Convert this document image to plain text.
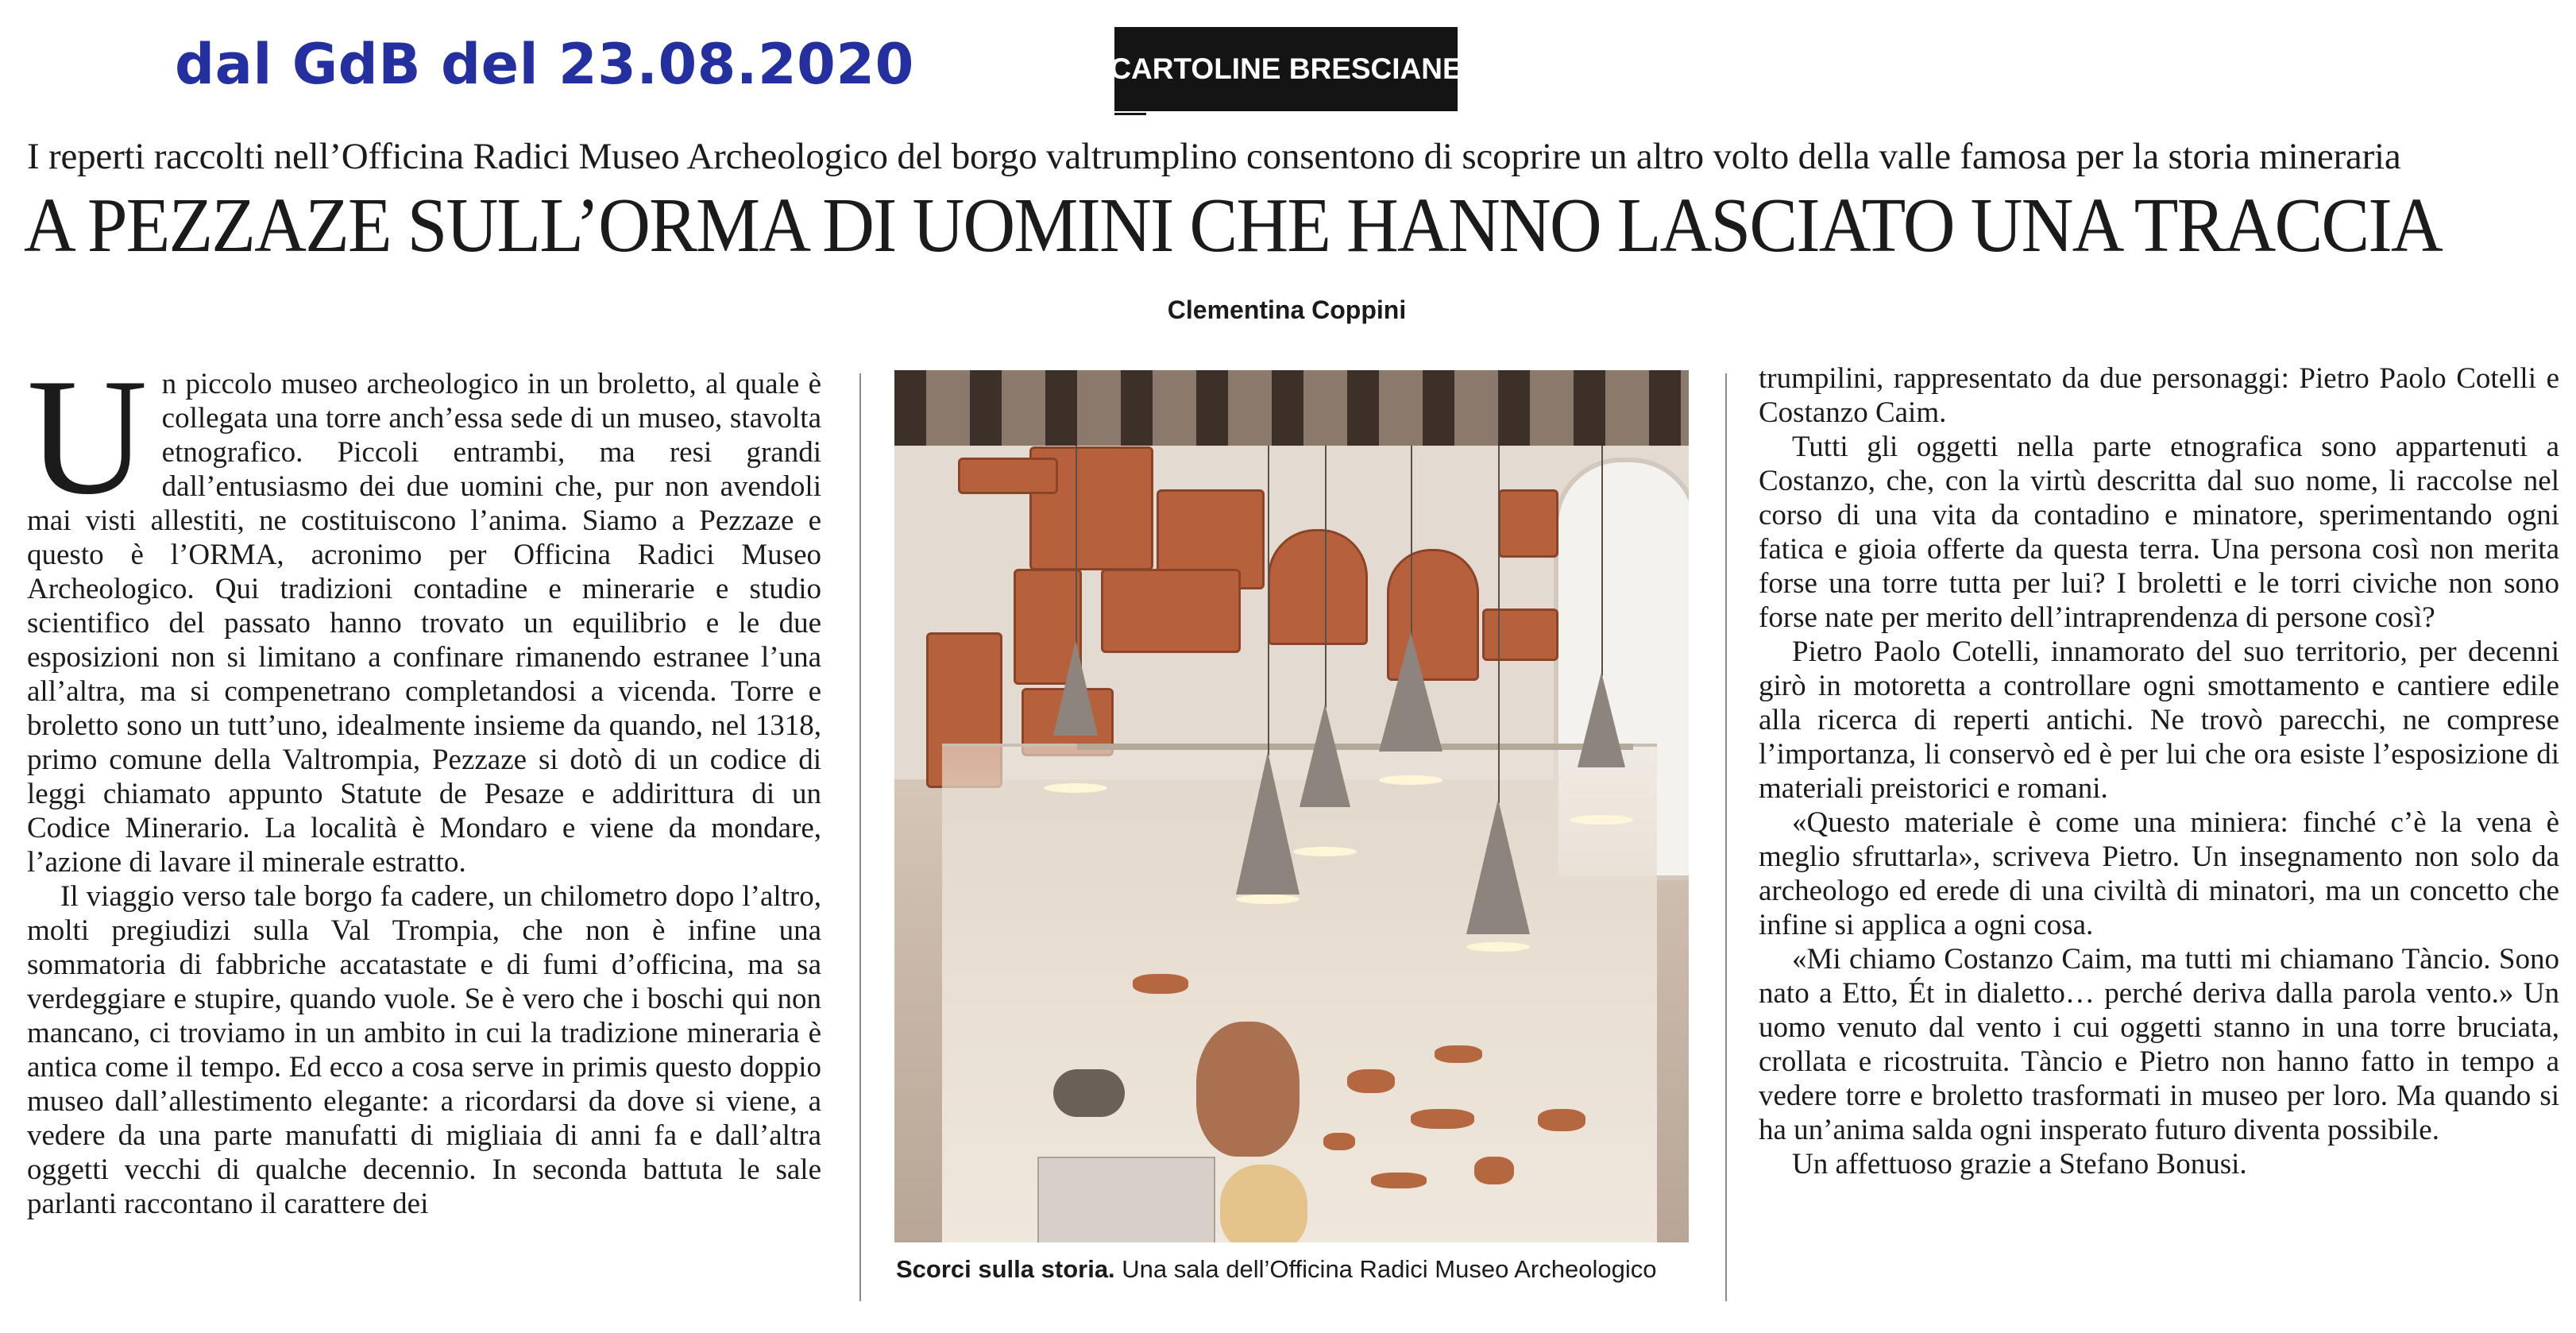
dal GdB del 23.08.2020	CARTOLINE BRESCIANE
I reperti raccolti nell’Officina Radici Museo Archeologico del borgo valtrumplino consentono di scoprire un altro volto della valle famosa per la storia mineraria
A PEZZAZE SULL’ORMA DI UOMINI CHE HANNO LASCIATO UNA TRACCIA
Clementina Coppini

Un piccolo museo archeologico in un broletto, al quale è collegata una torre anch’essa sede di un museo, stavolta etnografico. Piccoli entrambi, ma resi grandi dall’entusiasmo dei due uomini che, pur non avendoli mai visti allestiti, ne costituiscono l’anima. Siamo a Pezzaze e questo è l’ORMA, acronimo per Officina Radici Museo Archeologico. Qui tradizioni contadine e minerarie e studio scientifico del passato hanno trovato un equilibrio e le due esposizioni non si limitano a confinare rimanendo estranee l’una all’altra, ma si compenetrano completandosi a vicenda. Torre e broletto sono un tutt’uno, idealmente insieme da quando, nel 1318, primo comune della Valtrompia, Pezzaze si dotò di un codice di leggi chiamato appunto Statute de Pesaze e addirittura di un Codice Minerario. La località è Mondaro e viene da mondare, l’azione di lavare il minerale estratto.

Il viaggio verso tale borgo fa cadere, un chilometro dopo l’altro, molti pregiudizi sulla Val Trompia, che non è infine una sommatoria di fabbriche accatastate e di fumi d’officina, ma sa verdeggiare e stupire, quando vuole. Se è vero che i boschi qui non mancano, ci troviamo in un ambito in cui la tradizione mineraria è antica come il tempo. Ed ecco a cosa serve in primis questo doppio museo dall’allestimento elegante: a ricordarsi da dove si viene, a vedere da una parte manufatti di migliaia di anni fa e dall’altra oggetti vecchi di qualche decennio. In seconda battuta le sale parlanti raccontano il carattere dei

Scorci sulla storia. Una sala dell’Officina Radici Museo Archeologico

trumpilini, rappresentato da due personaggi: Pietro Paolo Cotelli e Costanzo Caim.

Tutti gli oggetti nella parte etnografica sono appartenuti a Costanzo, che, con la virtù descritta dal suo nome, li raccolse nel corso di una vita da contadino e minatore, sperimentando ogni fatica e gioia offerte da questa terra. Una persona così non merita forse una torre tutta per lui? I broletti e le torri civiche non sono forse nate per merito dell’intraprendenza di persone così?

Pietro Paolo Cotelli, innamorato del suo territorio, per decenni girò in motoretta a controllare ogni smottamento e cantiere edile alla ricerca di reperti antichi. Ne trovò parecchi, ne comprese l’importanza, li conservò ed è per lui che ora esiste l’esposizione di materiali preistorici e romani.

«Questo materiale è come una miniera: finché c’è la vena è meglio sfruttarla», scriveva Pietro. Un insegnamento non solo da archeologo ed erede di una civiltà di minatori, ma un concetto che infine si applica a ogni cosa.

«Mi chiamo Costanzo Caim, ma tutti mi chiamano Tàncio. Sono nato a Etto, Ét in dialetto… perché deriva dalla parola vento.» Un uomo venuto dal vento i cui oggetti stanno in una torre bruciata, crollata e ricostruita. Tàncio e Pietro non hanno fatto in tempo a vedere torre e broletto trasformati in museo per loro. Ma quando si ha un’anima salda ogni insperato futuro diventa possibile.

Un affettuoso grazie a Stefano Bonusi.
